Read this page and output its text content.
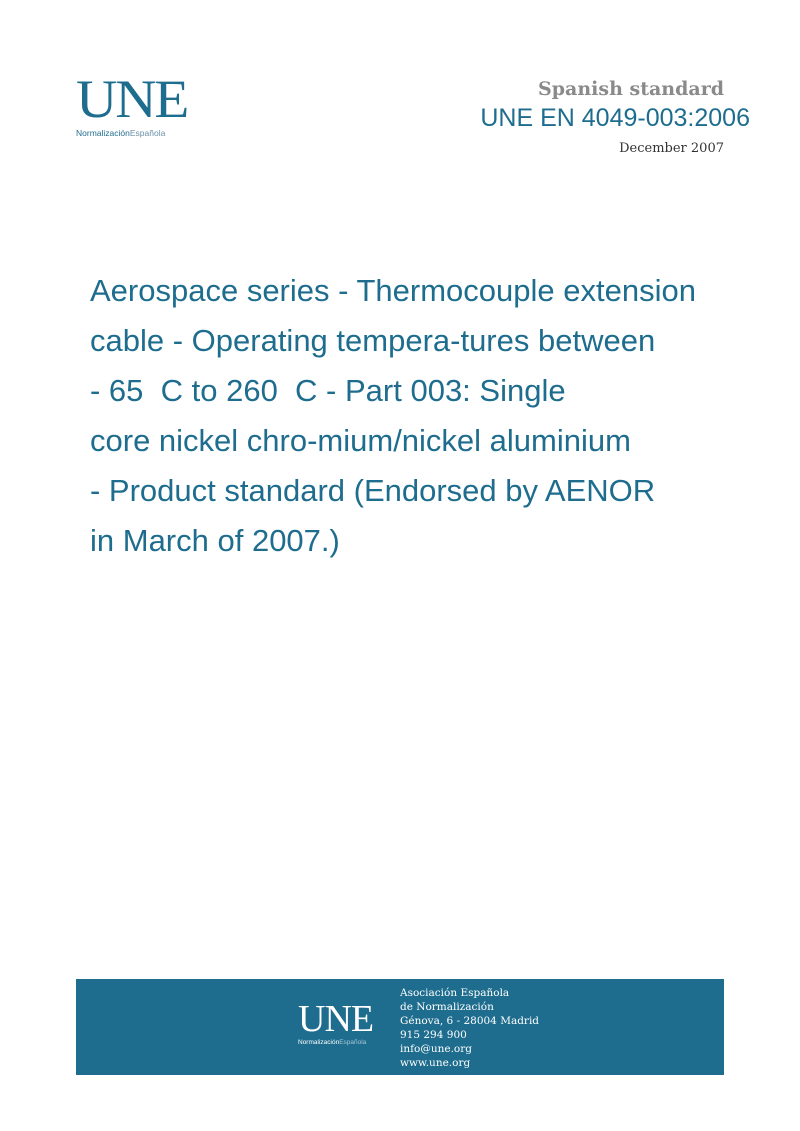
UNE
NormalizaciónEspañola
Spanish standard
UNE EN 4049-003:2006
December 2007
Aerospace series - Thermocouple extension
cable - Operating tempera-tures between
- 65  C to 260  C - Part 003: Single
core nickel chro-mium/nickel aluminium
- Product standard (Endorsed by AENOR
in March of 2007.)
UNE
NormalizaciónEspañola
Asociación Española
de Normalización
Génova, 6 - 28004 Madrid
915 294 900
info@une.org
www.une.org
